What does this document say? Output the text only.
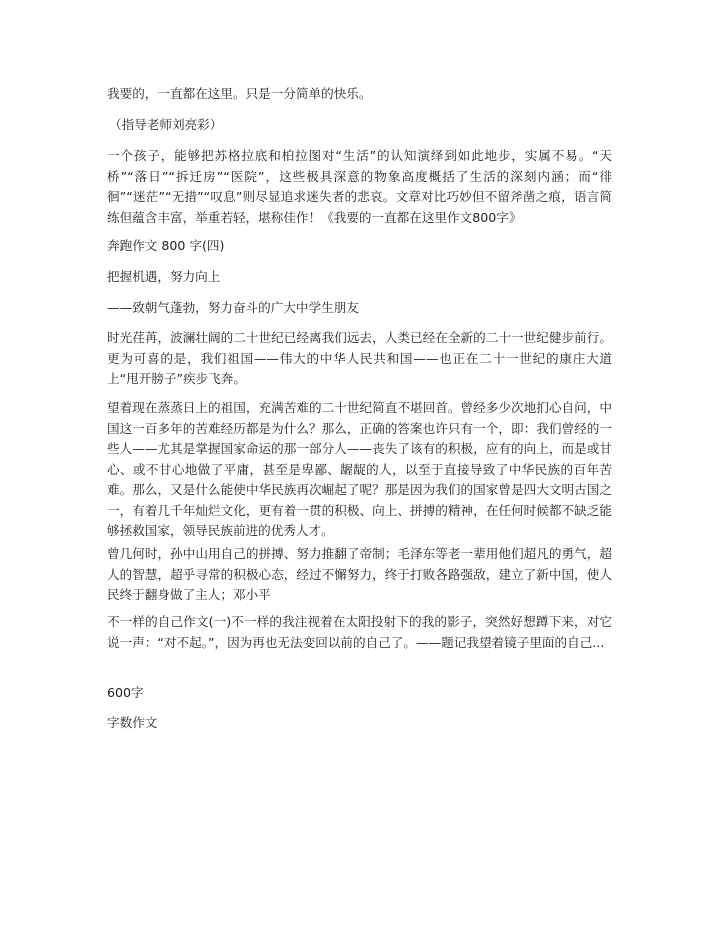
我要的，一直都在这里。只是一分简单的快乐。

（指导老师刘亮彩）

一个孩子，能够把苏格拉底和柏拉图对“生活”的认知演绎到如此地步，实属不易。“天桥”“落日”“拆迁房”“医院”，这些极具深意的物象高度概括了生活的深刻内涵；而“徘徊”“迷茫”“无措”“叹息”则尽显追求迷失者的悲哀。文章对比巧妙但不留斧凿之痕，语言简练但蕴含丰富，举重若轻，堪称佳作！《我要的一直都在这里作文800字》

奔跑作文 800 字(四)

把握机遇，努力向上

——致朝气蓬勃，努力奋斗的广大中学生朋友

时光荏苒，波澜壮阔的二十世纪已经离我们远去，人类已经在全新的二十一世纪健步前行。更为可喜的是，我们祖国——伟大的中华人民共和国——也正在二十一世纪的康庄大道上“甩开膀子”疾步飞奔。

望着现在蒸蒸日上的祖国，充满苦难的二十世纪简直不堪回首。曾经多少次地扪心自问，中国这一百多年的苦难经历都是为什么？那么，正确的答案也许只有一个，即：我们曾经的一些人——尤其是掌握国家命运的那一部分人——丧失了该有的积极，应有的向上，而是或甘心、或不甘心地做了平庸，甚至是卑鄙、龌龊的人，以至于直接导致了中华民族的百年苦难。那么，又是什么能使中华民族再次崛起了呢？那是因为我们的国家曾是四大文明古国之一，有着几千年灿烂文化，更有着一贯的积极、向上、拼搏的精神，在任何时候都不缺乏能够拯救国家，领导民族前进的优秀人才。

曾几何时，孙中山用自己的拼搏、努力推翻了帝制；毛泽东等老一辈用他们超凡的勇气，超人的智慧，超乎寻常的积极心态，经过不懈努力，终于打败各路强敌，建立了新中国，使人民终于翻身做了主人；邓小平

不一样的自己作文(一)不一样的我注视着在太阳投射下的我的影子，突然好想蹲下来，对它说一声：“对不起。”，因为再也无法变回以前的自己了。——题记我望着镜子里面的自己...

600字

字数作文
